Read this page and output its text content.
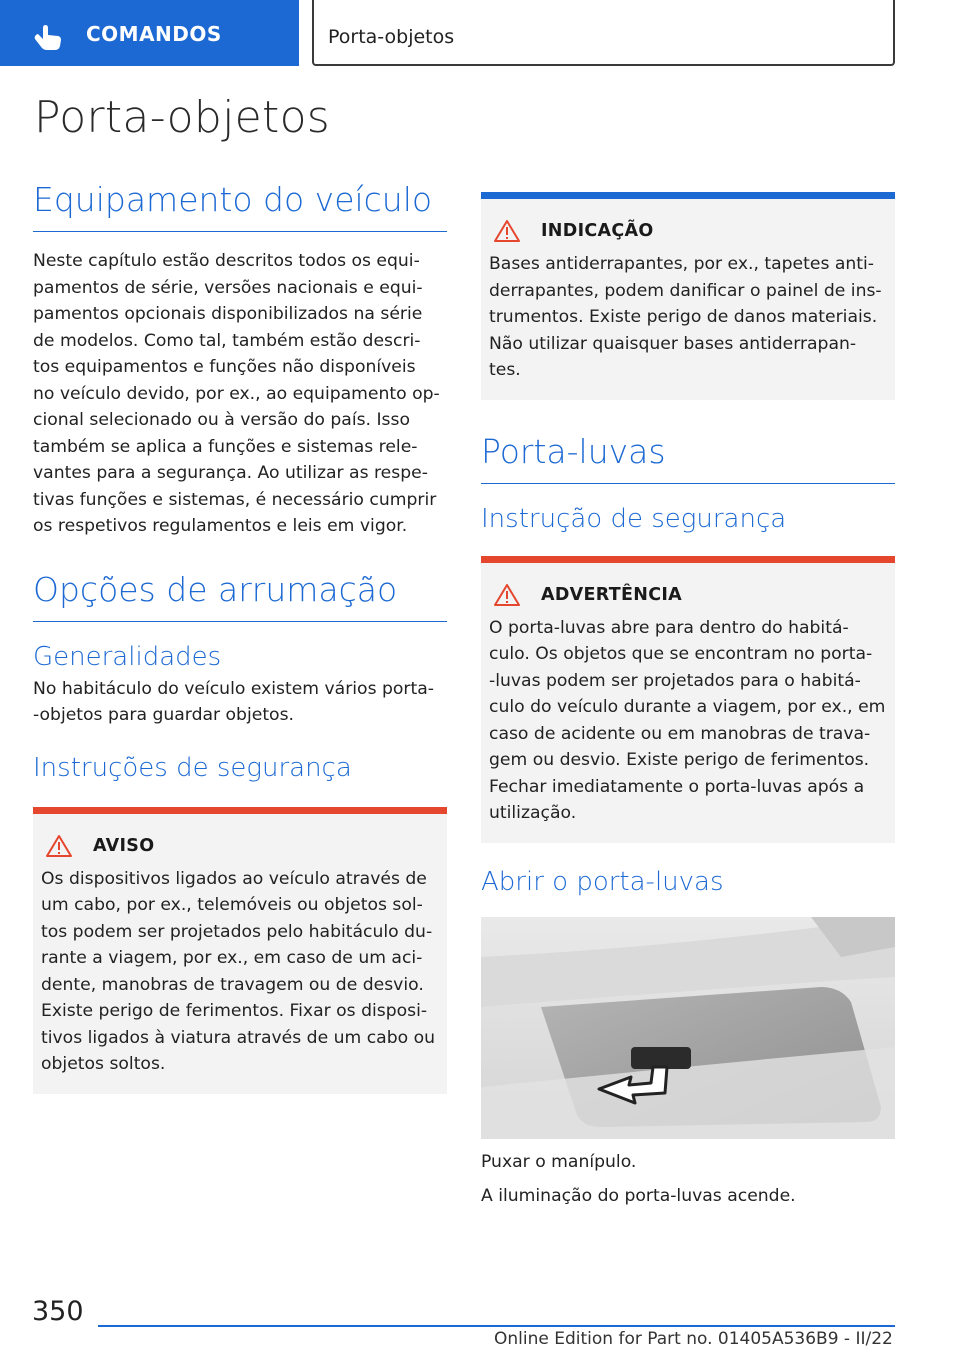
COMANDOS	Porta-objetos
Porta-objetos
Equipamento do veículo
Neste capítulo estão descritos todos os equi-
pamentos de série, versões nacionais e equi-
pamentos opcionais disponibilizados na série
de modelos. Como tal, também estão descri-
tos equipamentos e funções não disponíveis
no veículo devido, por ex., ao equipamento op-
cional selecionado ou à versão do país. Isso
também se aplica a funções e sistemas rele-
vantes para a segurança. Ao utilizar as respe-
tivas funções e sistemas, é necessário cumprir
os respetivos regulamentos e leis em vigor.
Opções de arrumação
Generalidades
No habitáculo do veículo existem vários porta-
-objetos para guardar objetos.
Instruções de segurança
AVISO
Os dispositivos ligados ao veículo através de
um cabo, por ex., telemóveis ou objetos sol-
tos podem ser projetados pelo habitáculo du-
rante a viagem, por ex., em caso de um aci-
dente, manobras de travagem ou de desvio.
Existe perigo de ferimentos. Fixar os disposi-
tivos ligados à viatura através de um cabo ou
objetos soltos.
INDICAÇÃO
Bases antiderrapantes, por ex., tapetes anti-
derrapantes, podem danificar o painel de ins-
trumentos. Existe perigo de danos materiais.
Não utilizar quaisquer bases antiderrapan-
tes.
Porta-luvas
Instrução de segurança
ADVERTÊNCIA
O porta-luvas abre para dentro do habitá-
culo. Os objetos que se encontram no porta-
-luvas podem ser projetados para o habitá-
culo do veículo durante a viagem, por ex., em
caso de acidente ou em manobras de trava-
gem ou desvio. Existe perigo de ferimentos.
Fechar imediatamente o porta-luvas após a
utilização.
Abrir o porta-luvas
Puxar o manípulo.
A iluminação do porta-luvas acende.
350
Online Edition for Part no. 01405A536B9 - II/22
